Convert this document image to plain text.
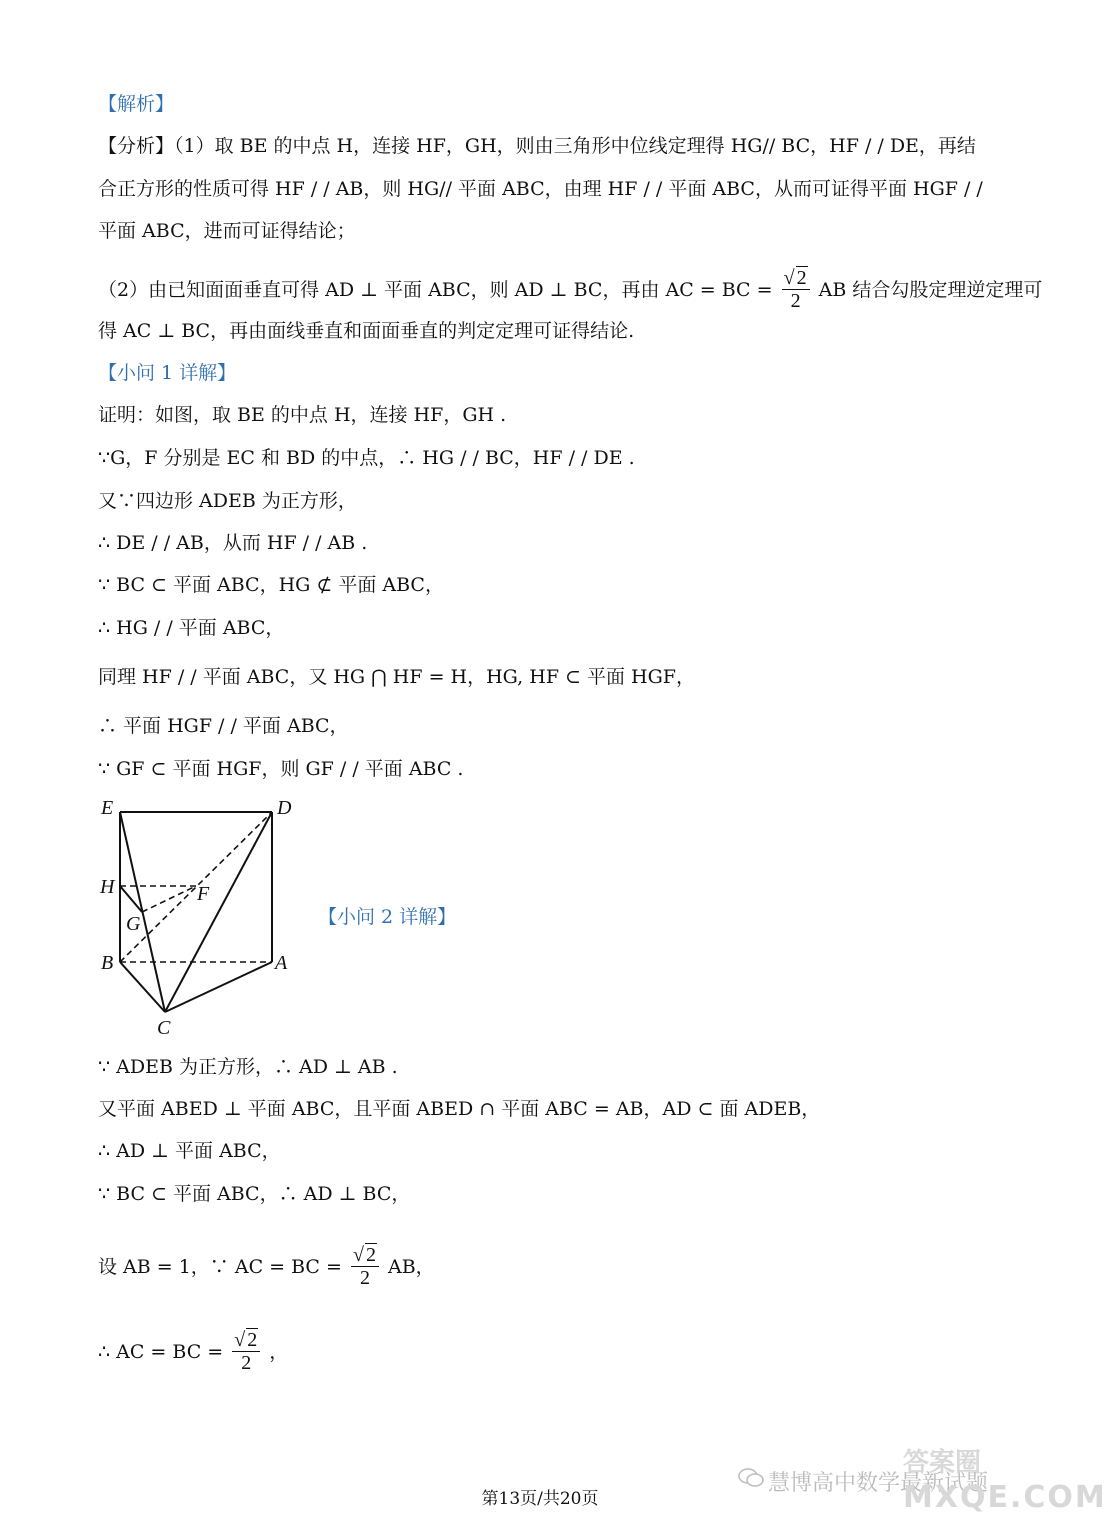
【解析】
【分析】（1）取 BE 的中点 H，连接 HF，GH，则由三角形中位线定理得 HG// BC，HF / / DE，再结
合正方形的性质可得 HF / / AB，则 HG// 平面 ABC，由理 HF / / 平面 ABC，从而可证得平面 HGF / /
平面 ABC，进而可证得结论；
（2）由已知面面垂直可得 AD ⊥ 平面 ABC，则 AD ⊥ BC，再由 AC = BC = $\frac{√ 2}{2}$ AB 结合勾股定理逆定理可
得 AC ⊥ BC，再由面线垂直和面面垂直的判定定理可证得结论.
【小问 1 详解】
证明：如图，取 BE 的中点 H，连接 HF，GH .
∵G，F 分别是 EC 和 BD 的中点，∴ HG / / BC，HF / / DE .
又∵四边形 ADEB 为正方形，
∴ DE / / AB，从而 HF / / AB .
∵ BC ⊂ 平面 ABC，HG ⊄ 平面 ABC，
∴ HG / / 平面 ABC，
同理 HF / / 平面 ABC，又 HG ⋂ HF = H，HG, HF ⊂ 平面 HGF，
∴ 平面 HGF / / 平面 ABC，
∵ GF ⊂ 平面 HGF，则 GF / / 平面 ABC .
E	D
H	F
G
B	A
C
【小问 2 详解】
∵ ADEB 为正方形，∴ AD ⊥ AB .
又平面 ABED ⊥ 平面 ABC，且平面 ABED ∩ 平面 ABC = AB，AD ⊂ 面 ADEB，
∴ AD ⊥ 平面 ABC，
∵ BC ⊂ 平面 ABC，∴ AD ⊥ BC，
设 AB = 1，∵ AC = BC = $\frac{√ 2}{2}$ AB，
∴ AC = BC = $\frac{√ 2}{2}$ ，
第13页/共20页
慧博高中数学最新试题
答案圈
MXQE.COM
